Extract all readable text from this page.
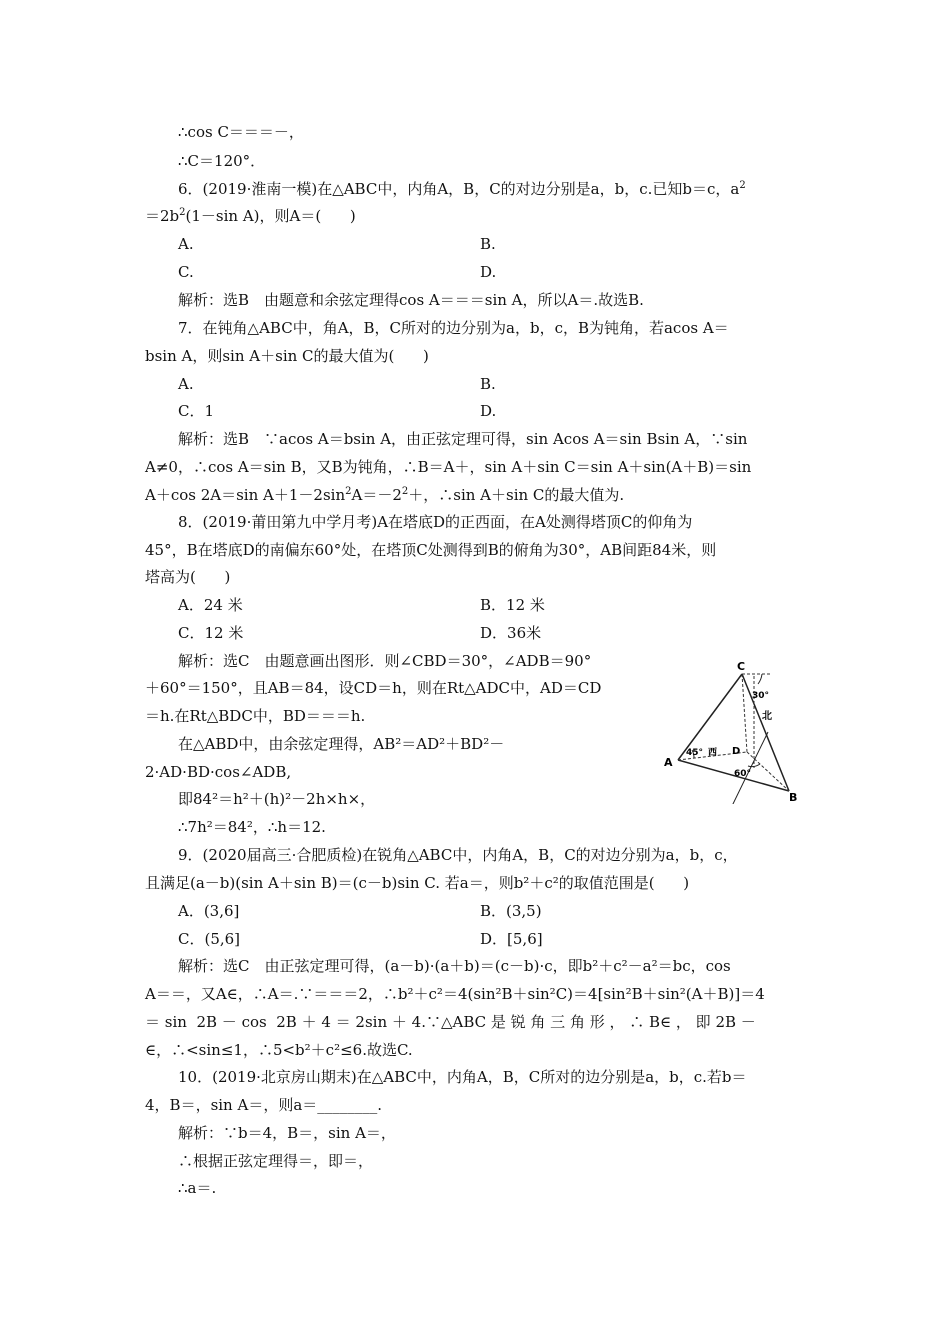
∴cos C＝＝＝－，
∴C＝120°．
6．(2019·淮南一模)在△ABC中，内角A，B，C的对边分别是a，b，c.已知b＝c，$a^2$
$=2b^2(1-\sin$ A)，则A＝(      )
A.	B.
C.	D.
解析：选B　由题意和余弦定理得cos A＝＝＝sin A，所以A＝.故选B.
7．在钝角△ABC中，角A，B，C所对的边分别为a，b，c，B为钝角，若acos A＝
bsin A，则sin A＋sin C的最大值为(      )
A.	B.
C．1	D.
解析：选B　∵acos A＝bsin A，由正弦定理可得，sin Acos A＝sin Bsin A，∵sin
A≠0，∴cos A＝sin B，又B为钝角，∴B＝A＋，sin A＋sin C＝sin A＋sin(A＋B)＝sin
A＋cos 2A＝sin $A+1-2\sin^2A=-2^2+$，∴sin A＋sin C的最大值为.
8．(2019·莆田第九中学月考)A在塔底D的正西面，在A处测得塔顶C的仰角为
45°，B在塔底D的南偏东60°处，在塔顶C处测得到B的俯角为30°，AB间距84米，则
塔高为(      )
A．24 米	B．12 米
C．12 米	D．36米
解析：选C　由题意画出图形．则∠CBD＝30°，∠ADB＝90°
＋60°＝150°，且AB＝84，设CD＝h，则在Rt△ADC中，AD＝CD
＝h.在Rt△BDC中，BD＝＝＝h.
在△ABD中，由余弦定理得，AB²＝AD²＋BD²－
2·AD·BD·cos∠ADB,
即84²＝h²＋(h)²－2h×h×，
∴7h²＝84²，∴h＝12.
C
A
B
D
北
30°
45° 西
60°
9．(2020届高三·合肥质检)在锐角△ABC中，内角A，B，C的对边分别为a，b，c，
且满足(a－b)(sin A＋sin B)＝(c－b)sin C. 若a＝，则b²＋c²的取值范围是(      )
A．(3,6]	B．(3,5)
C．(5,6]	D．[5,6]
解析：选C　由正弦定理可得，(a－b)·(a＋b)＝(c－b)·c，即b²＋c²－a²＝bc，cos
A＝＝，又A∈，∴A＝.∵＝＝＝2，∴b²＋c²＝4(sin²B＋sin²C)＝4[sin²B＋sin²(A＋B)]＝4
＝ sin  2B － cos  2B ＋ 4 ＝ 2sin ＋ 4.∵△ABC 是 锐 角 三 角 形 ， ∴ B∈ ， 即 2B －
∈，∴<sin≤1，∴5<b²＋c²≤6.故选C.
10．(2019·北京房山期末)在△ABC中，内角A，B，C所对的边分别是a，b，c.若b＝
4，B＝，sin A＝，则a＝________.
解析：∵b＝4，B＝，sin A＝，
∴根据正弦定理得＝，即＝，
∴a＝.
